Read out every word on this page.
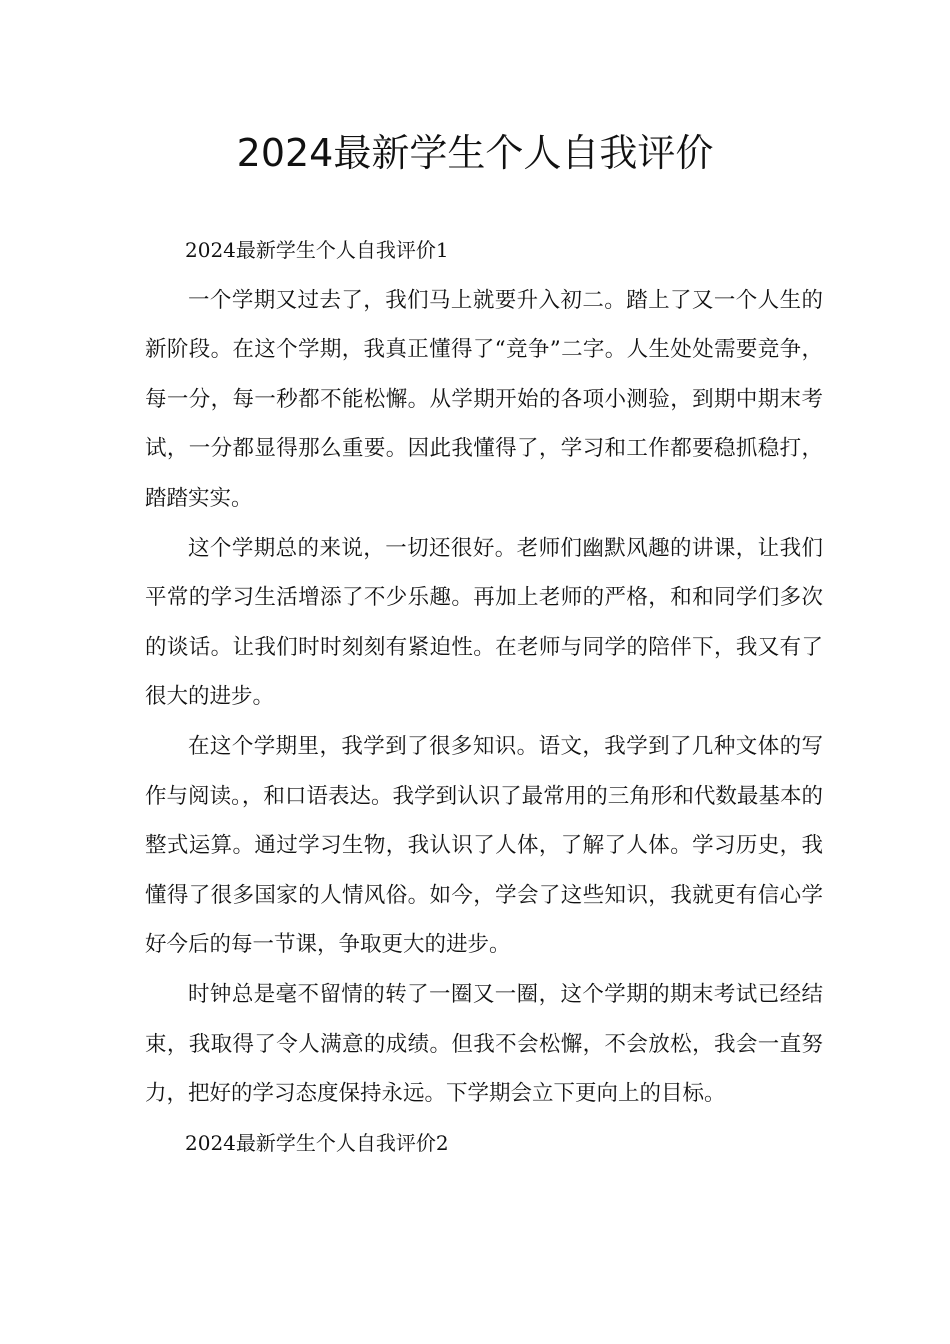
2024最新学生个人自我评价

2024最新学生个人自我评价1

一个学期又过去了，我们马上就要升入初二。踏上了又一个人生的新阶段。在这个学期，我真正懂得了“竞争”二字。人生处处需要竞争，每一分，每一秒都不能松懈。从学期开始的各项小测验，到期中期末考试，一分都显得那么重要。因此我懂得了，学习和工作都要稳抓稳打，踏踏实实。

这个学期总的来说，一切还很好。老师们幽默风趣的讲课，让我们平常的学习生活增添了不少乐趣。再加上老师的严格，和和同学们多次的谈话。让我们时时刻刻有紧迫性。在老师与同学的陪伴下，我又有了很大的进步。

在这个学期里，我学到了很多知识。语文，我学到了几种文体的写作与阅读。，和口语表达。我学到认识了最常用的三角形和代数最基本的整式运算。通过学习生物，我认识了人体，了解了人体。学习历史，我懂得了很多国家的人情风俗。如今，学会了这些知识，我就更有信心学好今后的每一节课，争取更大的进步。

时钟总是毫不留情的转了一圈又一圈，这个学期的期末考试已经结束，我取得了令人满意的成绩。但我不会松懈，不会放松，我会一直努力，把好的学习态度保持永远。下学期会立下更向上的目标。

2024最新学生个人自我评价2
